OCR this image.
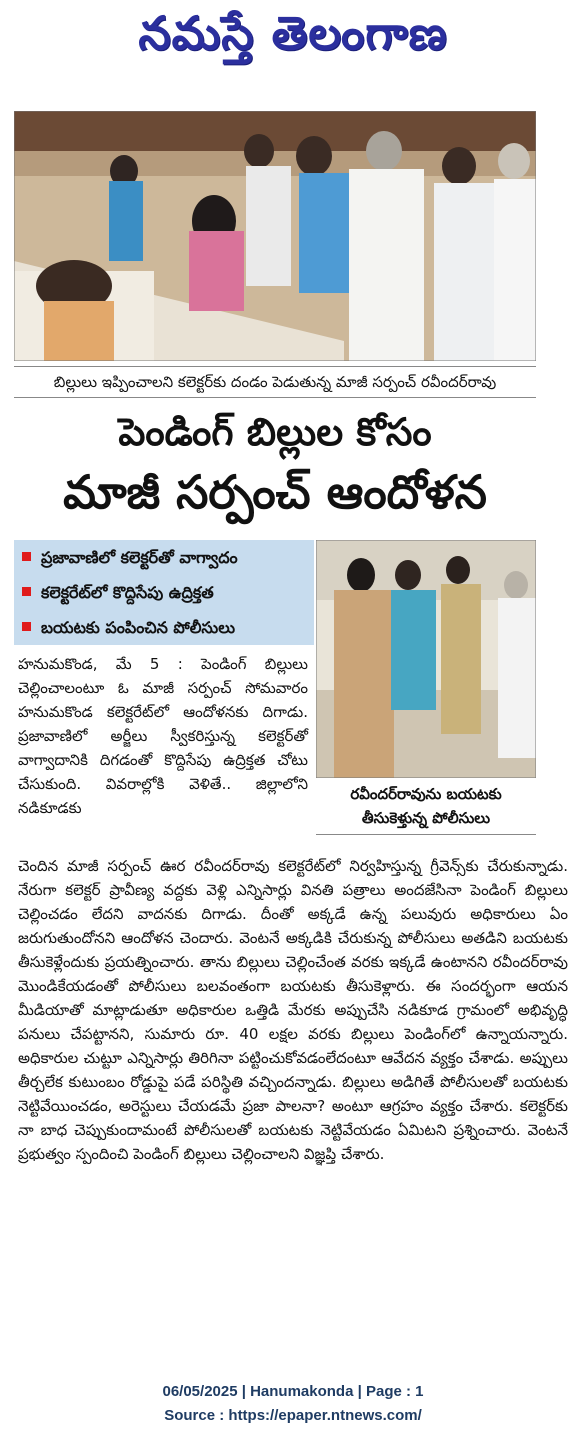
నమస్తే తెలంగాణ
బిల్లులు ఇప్పించాలని కలెక్టర్‌కు దండం పెడుతున్న మాజీ సర్పంచ్ రవీందర్‌రావు
పెండింగ్ బిల్లుల కోసం
మాజీ సర్పంచ్ ఆందోళన
ప్రజావాణిలో కలెక్టర్‌తో వాగ్వాదం
కలెక్టరేట్‌లో కొద్దిసేపు ఉద్రిక్తత
బయటకు పంపించిన పోలీసులు
రవీందర్‌రావును బయటకు
తీసుకెళ్తున్న పోలీసులు
హనుమకొండ, మే 5 : పెండింగ్ బిల్లులు చెల్లించాలంటూ ఓ మాజీ సర్పంచ్ సోమవారం హనుమకొండ కలెక్టరేట్‌లో ఆందోళనకు దిగాడు. ప్రజావాణిలో అర్జీలు స్వీకరిస్తున్న కలెక్టర్‌తో వాగ్వాదానికి దిగడంతో కొద్దిసేపు ఉద్రిక్తత చోటు చేసుకుంది. వివరాల్లోకి వెళితే.. జిల్లాలోని నడికూడకు
చెందిన మాజీ సర్పంచ్ ఊర రవీందర్‌రావు కలెక్టరేట్‌లో నిర్వహిస్తున్న గ్రీవెన్స్‌కు చేరుకున్నాడు. నేరుగా కలెక్టర్ ప్రావీణ్య వద్దకు వెళ్లి ఎన్నిసార్లు వినతి పత్రాలు అందజేసినా పెండింగ్ బిల్లులు చెల్లించడం లేదని వాదనకు దిగాడు. దీంతో అక్కడే ఉన్న పలువురు అధికారులు ఏం జరుగుతుందోనని ఆందోళన చెందారు. వెంటనే అక్కడికి చేరుకున్న పోలీసులు అతడిని బయటకు తీసుకెళ్లేందుకు ప్రయత్నించారు. తాను బిల్లులు చెల్లించేంత వరకు ఇక్కడే ఉంటానని రవీందర్‌రావు మొండికేయడంతో పోలీసులు బలవంతంగా బయటకు తీసుకెళ్లారు. ఈ సందర్భంగా ఆయన మీడియాతో మాట్లాడుతూ అధికారుల ఒత్తిడి మేరకు అప్పుచేసి నడికూడ గ్రామంలో అభివృద్ధి పనులు చేపట్టానని, సుమారు రూ. 40 లక్షల వరకు బిల్లులు పెండింగ్‌లో ఉన్నాయన్నారు. అధికారుల చుట్టూ ఎన్నిసార్లు తిరిగినా పట్టించుకోవడంలేదంటూ ఆవేదన వ్యక్తం చేశాడు. అప్పులు తీర్చలేక కుటుంబం రోడ్డుపై పడే పరిస్థితి వచ్చిందన్నాడు. బిల్లులు అడిగితే పోలీసులతో బయటకు నెట్టివేయించడం, అరెస్టులు చేయడమే ప్రజా పాలనా? అంటూ ఆగ్రహం వ్యక్తం చేశారు. కలెక్టర్‌కు నా బాధ చెప్పుకుందామంటే పోలీసులతో బయటకు నెట్టివేయడం ఏమిటని ప్రశ్నించారు. వెంటనే ప్రభుత్వం స్పందించి పెండింగ్ బిల్లులు చెల్లించాలని విజ్ఞప్తి చేశారు.
06/05/2025 | Hanumakonda | Page : 1
Source : https://epaper.ntnews.com/
